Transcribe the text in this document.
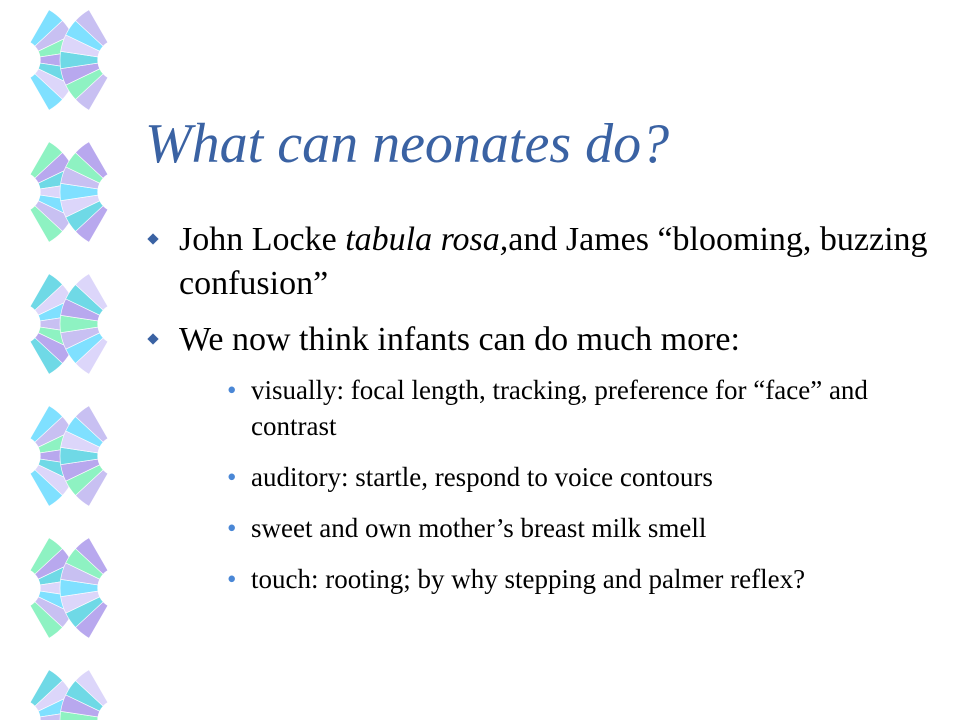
What can neonates do?
John Locke tabula rosa,and James “blooming, buzzing confusion”
We now think infants can do much more:
• visually: focal length, tracking, preference for “face” and contrast
• auditory: startle, respond to voice contours
• sweet and own mother’s breast milk smell
• touch: rooting; by why stepping and palmer reflex?
